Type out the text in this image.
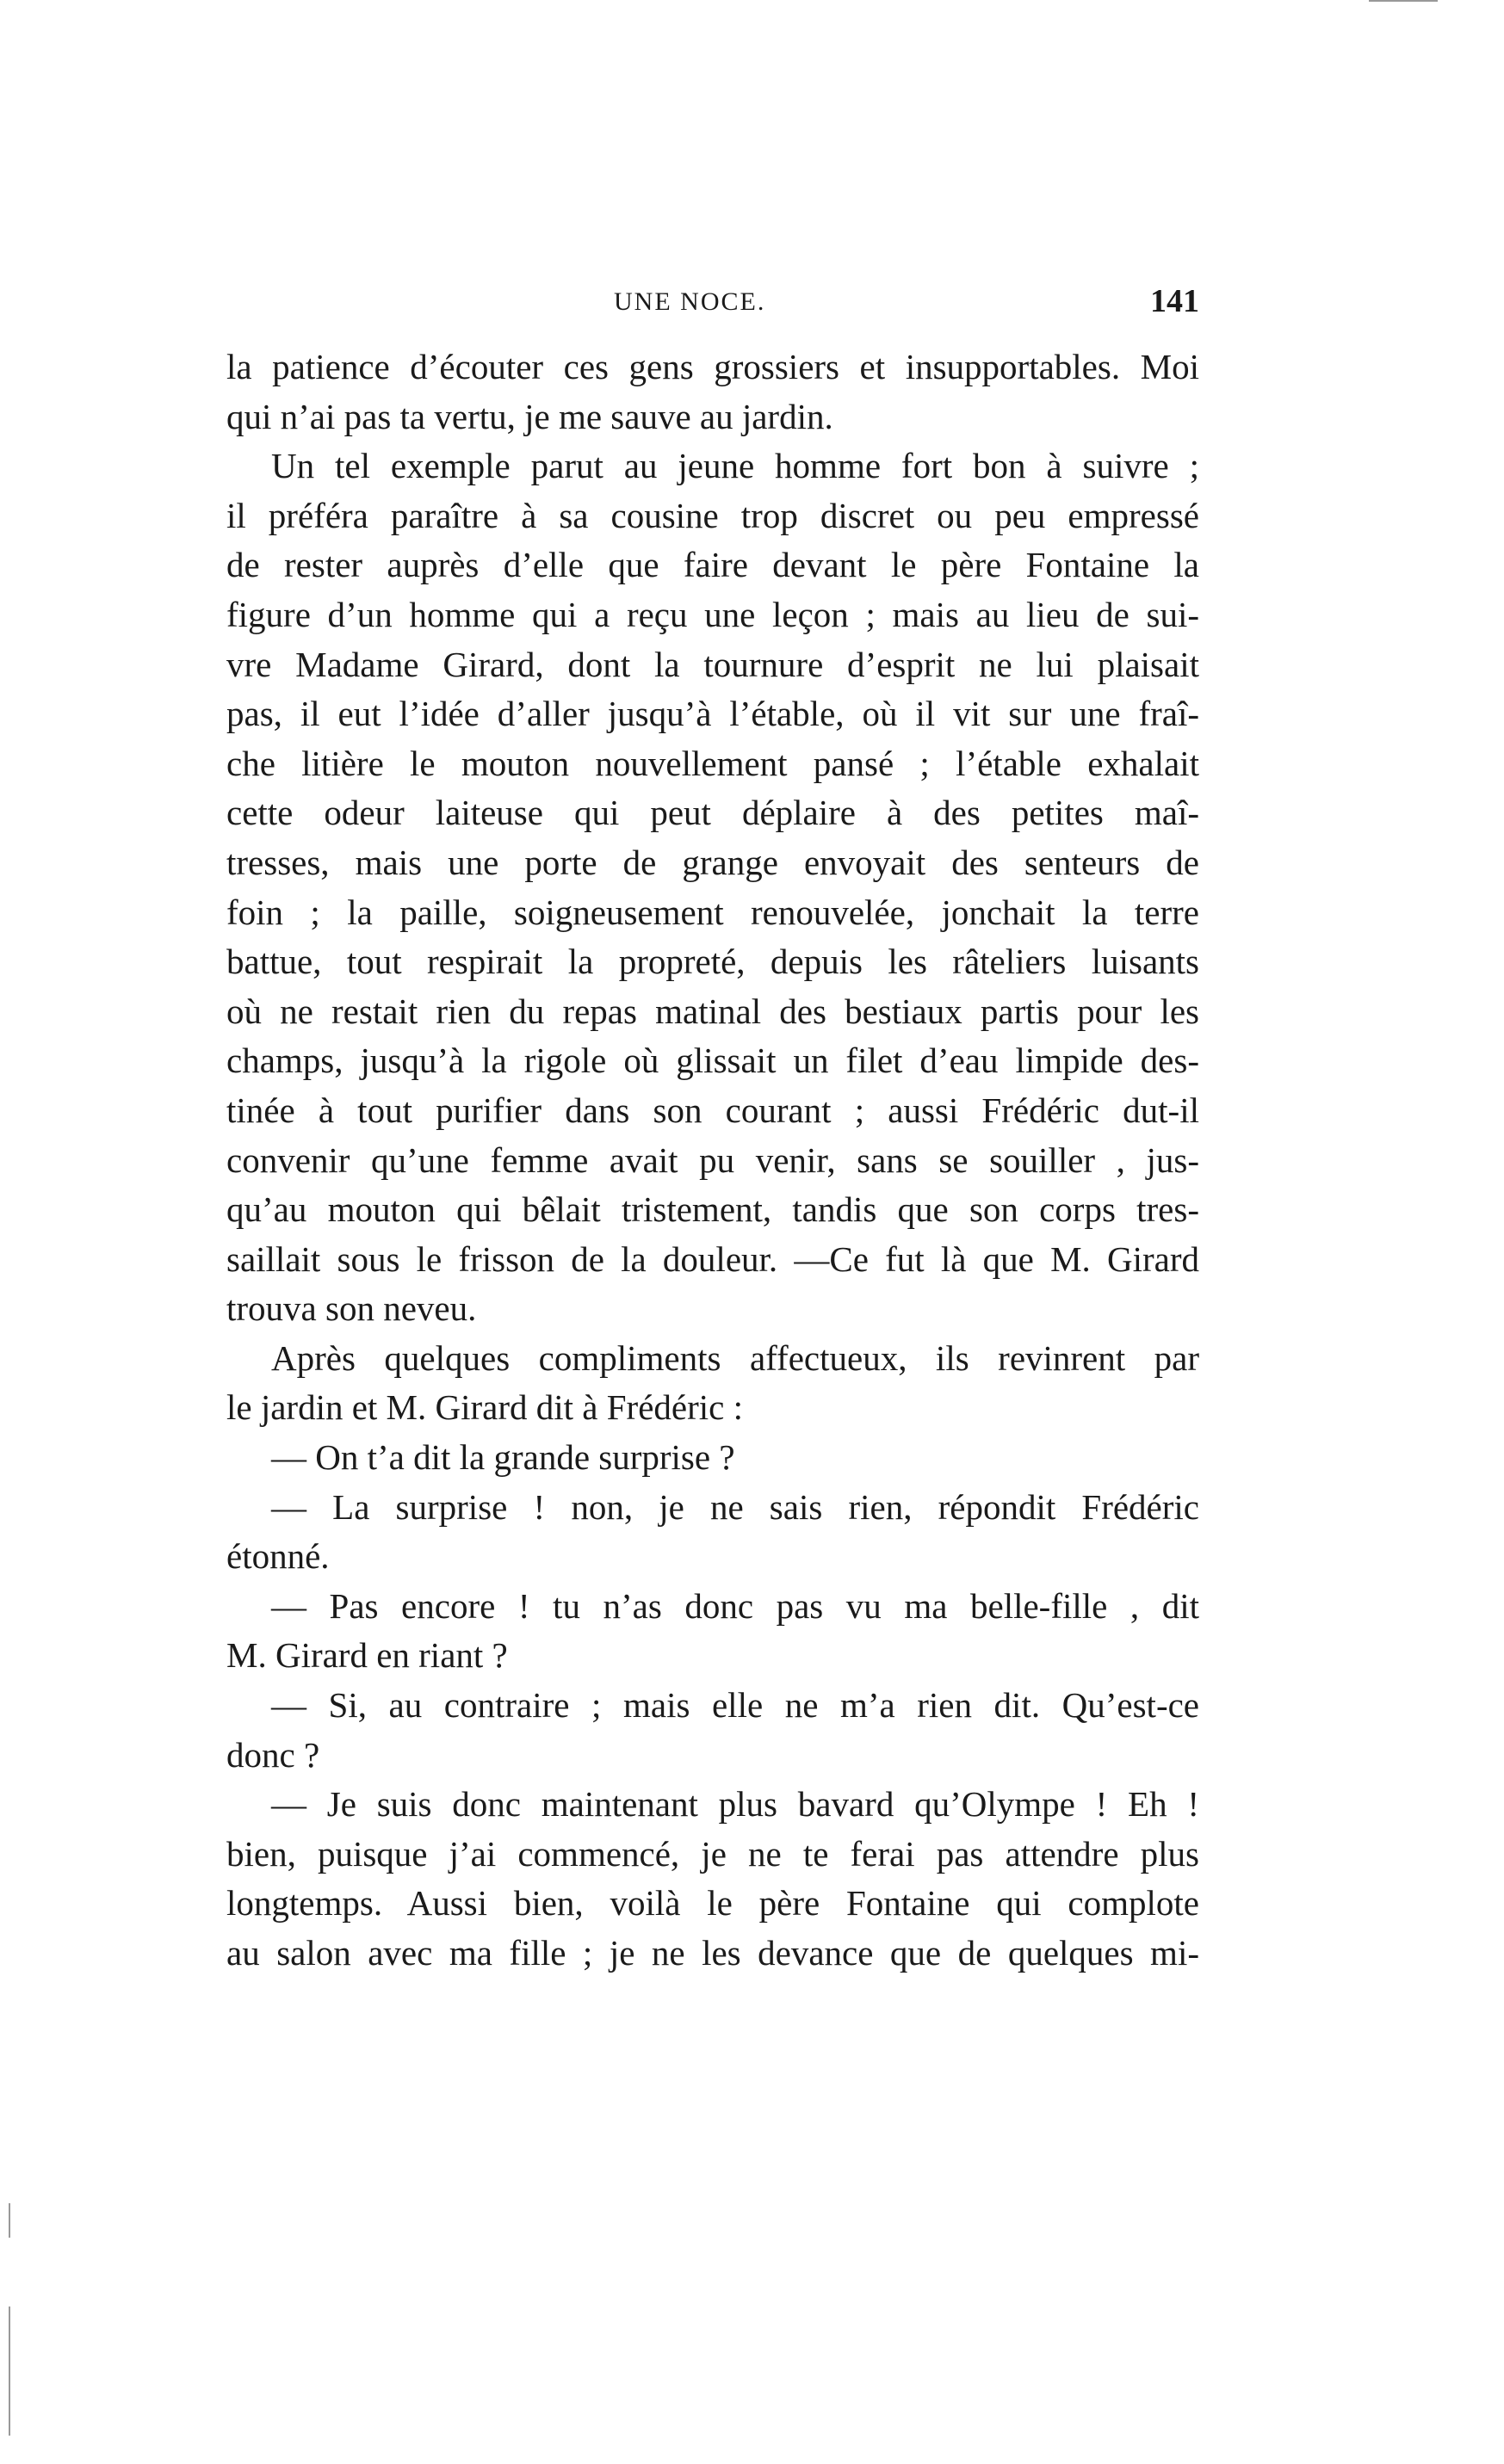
UNE NOCE.	141
la patience d’écouter ces gens grossiers et insupportables. Moi
qui n’ai pas ta vertu, je me sauve au jardin.
Un tel exemple parut au jeune homme fort bon à suivre ;
il préféra paraître à sa cousine trop discret ou peu empressé
de rester auprès d’elle que faire devant le père Fontaine la
figure d’un homme qui a reçu une leçon ; mais au lieu de sui-
vre Madame Girard, dont la tournure d’esprit ne lui plaisait
pas, il eut l’idée d’aller jusqu’à l’étable, où il vit sur une fraî-
che litière le mouton nouvellement pansé ; l’étable exhalait
cette odeur laiteuse qui peut déplaire à des petites maî-
tresses, mais une porte de grange envoyait des senteurs de
foin ; la paille, soigneusement renouvelée, jonchait la terre
battue, tout respirait la propreté, depuis les râteliers luisants
où ne restait rien du repas matinal des bestiaux partis pour les
champs, jusqu’à la rigole où glissait un filet d’eau limpide des-
tinée à tout purifier dans son courant ; aussi Frédéric dut-il
convenir qu’une femme avait pu venir, sans se souiller , jus-
qu’au mouton qui bêlait tristement, tandis que son corps tres-
saillait sous le frisson de la douleur. —Ce fut là que M. Girard
trouva son neveu.
Après quelques compliments affectueux, ils revinrent par
le jardin et M. Girard dit à Frédéric :
— On t’a dit la grande surprise ?
— La surprise ! non, je ne sais rien, répondit Frédéric
étonné.
— Pas encore ! tu n’as donc pas vu ma belle-fille , dit
M. Girard en riant ?
— Si, au contraire ; mais elle ne m’a rien dit. Qu’est-ce
donc ?
— Je suis donc maintenant plus bavard qu’Olympe ! Eh !
bien, puisque j’ai commencé, je ne te ferai pas attendre plus
longtemps. Aussi bien, voilà le père Fontaine qui complote
au salon avec ma fille ; je ne les devance que de quelques mi-
